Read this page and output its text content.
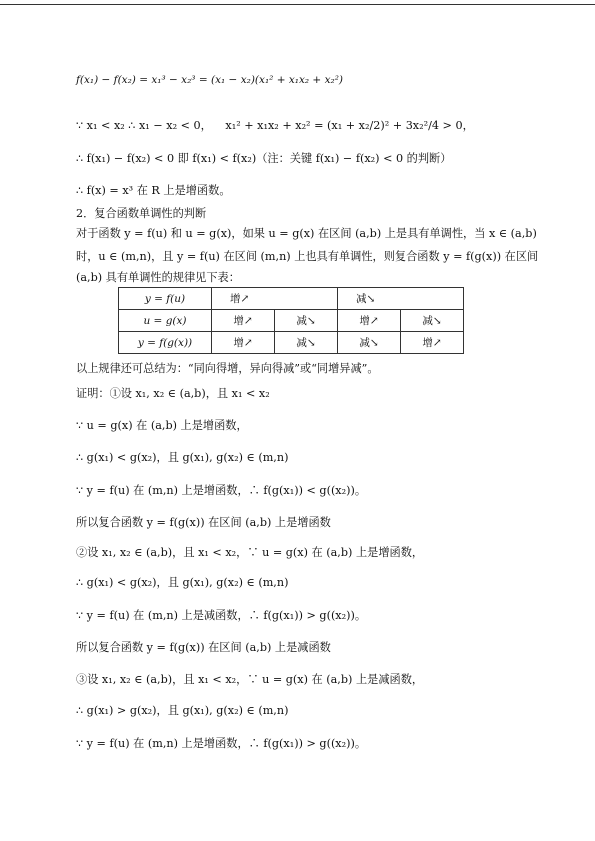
f(x₁) − f(x₂) = x₁³ − x₂³ = (x₁ − x₂)(x₁² + x₁x₂ + x₂²)
∵ x₁ < x₂ ∴ x₁ − x₂ < 0， x₁² + x₁x₂ + x₂² = (x₁ + x₂/2)² + 3x₂²/4 > 0，
∴ f(x₁) − f(x₂) < 0 即 f(x₁) < f(x₂)（注：关键 f(x₁) − f(x₂) < 0 的判断）
∴ f(x) = x³ 在 R 上是增函数。
2．复合函数单调性的判断
对于函数 y = f(u) 和 u = g(x)，如果 u = g(x) 在区间 (a,b) 上是具有单调性，当 x ∈ (a,b)
时，u ∈ (m,n)，且 y = f(u) 在区间 (m,n) 上也具有单调性，则复合函数 y = f(g(x)) 在区间
(a,b) 具有单调性的规律见下表：
y = f(u)	增↗		减↘	
u = g(x)	增↗	减↘	增↗	减↘
y = f(g(x))	增↗	减↘	减↘	增↗
以上规律还可总结为：“同向得增，异向得减”或“同增异减”。
证明：①设 x₁, x₂ ∈ (a,b)，且 x₁ < x₂
∵ u = g(x) 在 (a,b) 上是增函数，
∴ g(x₁) < g(x₂)，且 g(x₁), g(x₂) ∈ (m,n)
∵ y = f(u) 在 (m,n) 上是增函数，∴ f(g(x₁)) < g((x₂))。
所以复合函数 y = f(g(x)) 在区间 (a,b) 上是增函数
②设 x₁, x₂ ∈ (a,b)，且 x₁ < x₂，∵ u = g(x) 在 (a,b) 上是增函数，
∴ g(x₁) < g(x₂)，且 g(x₁), g(x₂) ∈ (m,n)
∵ y = f(u) 在 (m,n) 上是减函数，∴ f(g(x₁)) > g((x₂))。
所以复合函数 y = f(g(x)) 在区间 (a,b) 上是减函数
③设 x₁, x₂ ∈ (a,b)，且 x₁ < x₂，∵ u = g(x) 在 (a,b) 上是减函数，
∴ g(x₁) > g(x₂)，且 g(x₁), g(x₂) ∈ (m,n)
∵ y = f(u) 在 (m,n) 上是增函数，∴ f(g(x₁)) > g((x₂))。
